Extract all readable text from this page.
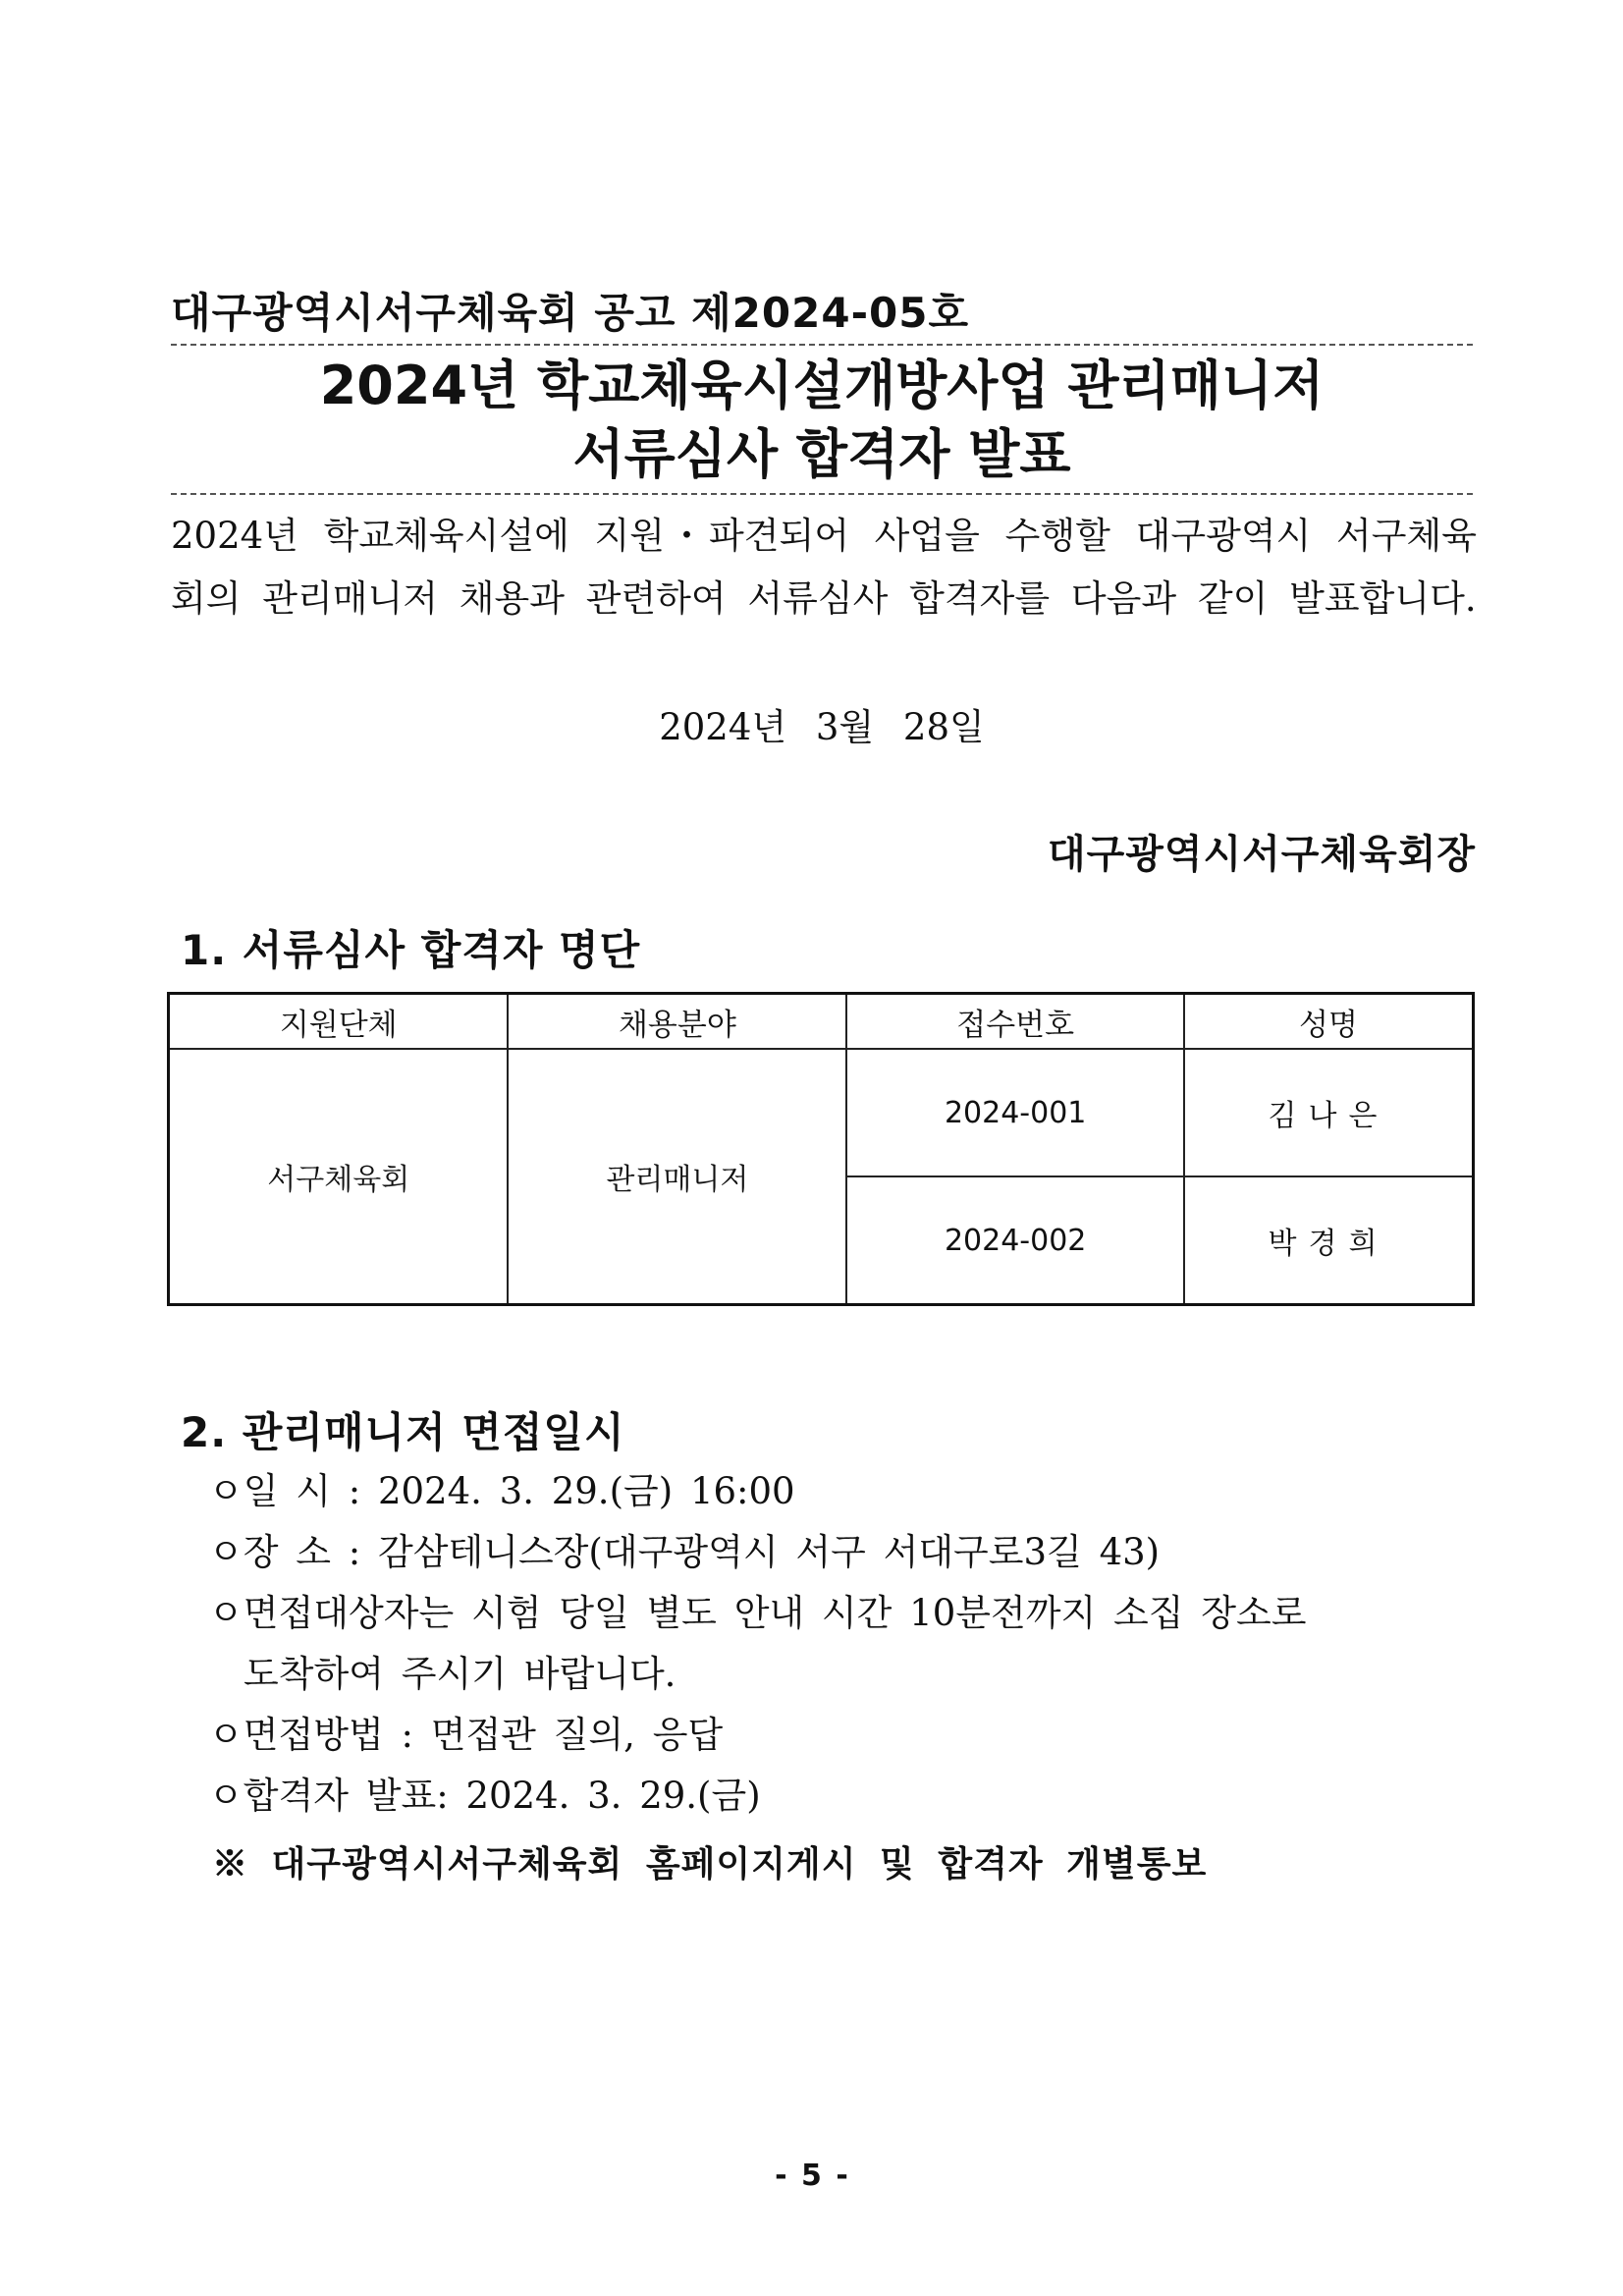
대구광역시서구체육회 공고 제2024-05호
2024년 학교체육시설개방사업 관리매니저
서류심사 합격자 발표
2024년 학교체육시설에 지원・파견되어 사업을 수행할 대구광역시 서구체육회의 관리매니저 채용과 관련하여 서류심사 합격자를 다음과 같이 발표합니다.
2024년 3월 28일
대구광역시서구체육회장
1. 서류심사 합격자 명단
지원단체	채용분야	접수번호	성명
서구체육회	관리매니저	2024-001	김나은
		2024-002	박경희
2. 관리매니저 면접일시
ㅇ일 시 : 2024. 3. 29.(금) 16:00
ㅇ장 소 : 감삼테니스장(대구광역시 서구 서대구로3길 43)
ㅇ면접대상자는 시험 당일 별도 안내 시간 10분전까지 소집 장소로
도착하여 주시기 바랍니다.
ㅇ면접방법 : 면접관 질의, 응답
ㅇ합격자 발표: 2024. 3. 29.(금)
※ 대구광역시서구체육회 홈페이지게시 및 합격자 개별통보
- 5 -
